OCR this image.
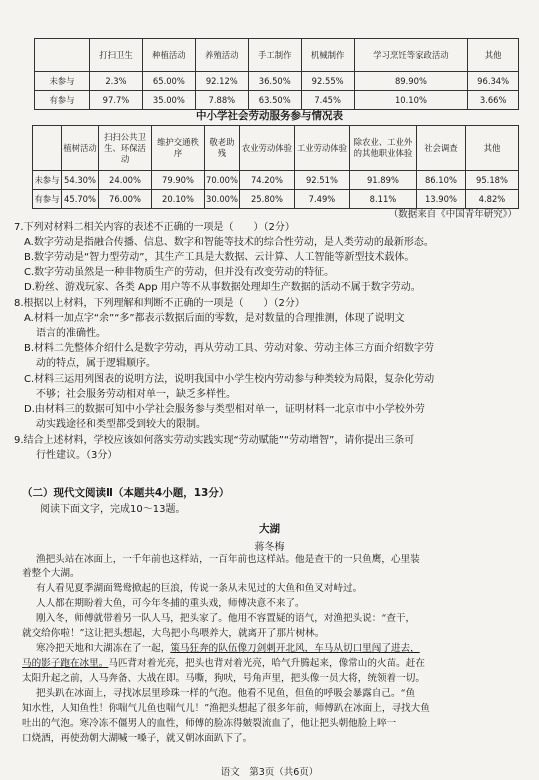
	打扫卫生	种植活动	养殖活动	手工制作	机械制作	学习烹饪等家政活动	其他
未参与	2.3%	65.00%	92.12%	36.50%	92.55%	89.90%	96.34%
有参与	97.7%	35.00%	7.88%	63.50%	7.45%	10.10%	3.66%
中小学社会劳动服务参与情况表
	植树活动	扫扫公共卫生、环保活动	维护交通秩序	敬老助残	农业劳动体验	工业劳动体验	除农业、工业外的其他职业体验	社会调查	其他
未参与	54.30%	24.00%	79.90%	70.00%	74.20%	92.51%	91.89%	86.10%	95.18%
有参与	45.70%	76.00%	20.10%	30.00%	25.80%	7.49%	8.11%	13.90%	4.82%
（数据来自《中国青年研究》）
7.下列对材料二相关内容的表述不正确的一项是（　　）（2分）
A.数字劳动是指融合传播、信息、数字和智能等技术的综合性劳动，是人类劳动的最新形态。
B.数字劳动是“智力型劳动”，其生产工具是大数据、云计算、人工智能等新型技术载体。
C.数字劳动虽然是一种非物质生产的劳动，但并没有改变劳动的特征。
D.粉丝、游戏玩家、各类 App 用户等不从事数据处理却生产数据的活动不属于数字劳动。
8.根据以上材料，下列理解和判断不正确的一项是（　　）（2分）
A.材料一加点字“余”“多”都表示数据后面的零数，是对数量的合理推测，体现了说明文
语言的准确性。
B.材料二先整体介绍什么是数字劳动，再从劳动工具、劳动对象、劳动主体三方面介绍数字劳
动的特点，属于逻辑顺序。
C.材料三运用列图表的说明方法，说明我国中小学生校内劳动参与种类较为局限，复杂化劳动
不够；社会服务劳动相对单一，缺乏多样性。
D.由材料三的数据可知中小学社会服务参与类型相对单一，证明材料一北京市中小学校外劳
动实践途径和类型都受到较大的限制。
9.结合上述材料，学校应该如何落实劳动实践实现“劳动赋能”“劳动增智”，请你提出三条可
行性建议。（3分）
（二）现代文阅读Ⅱ（本题共4小题，13分）
阅读下面文字，完成10～13题。
大湖
蒋冬梅
渔把头站在冰面上，一千年前也这样站，一百年前也这样站。他是查干的一只鱼鹰，心里装
着整个大湖。
有人看见夏季湖面鸳鸯掀起的巨浪，传说一条从未见过的大鱼和鱼叉对峙过。
人人都在期盼着大鱼，可今年冬捕的重头戏，师傅决意不来了。
刚入冬，师傅就带着另一队人马，把头家了。他用不容置疑的语气，对渔把头说：“查干，
就交给你啦！”这让把头想起，大鸟把小鸟喂养大，就离开了那片树林。
寒冷把天地和大湖冻在了一起，策马狂奔的队伍像刀剑刺开北风，车马从切口里闯了进去，
马的影子跑在冰里。马匹背对着光亮，把头也背对着光亮，哈气升腾起来，像常山的火苗。赶在
太阳升起之前，人马奔备、大战在即。马嘶，狗吠，号角声里，把头像一员大将，统领着一切。
把头趴在冰面上，寻找冰层里珍珠一样的气泡。他看不见鱼，但鱼的呼吸会暴露自己。“鱼
知水性，人知鱼性！你喘气儿鱼也喘气儿！”渔把头想起了很多年前，师傅趴在冰面上，寻找大鱼
吐出的气泡。寒冷冻不僵男人的血性，师傅的脸冻得皴裂流血了，他让把头朝他脸上啐一
口烧酒，再使劲朝大湖喊一嗓子，就又朝冰面趴下了。
语文　第3页（共6页）
